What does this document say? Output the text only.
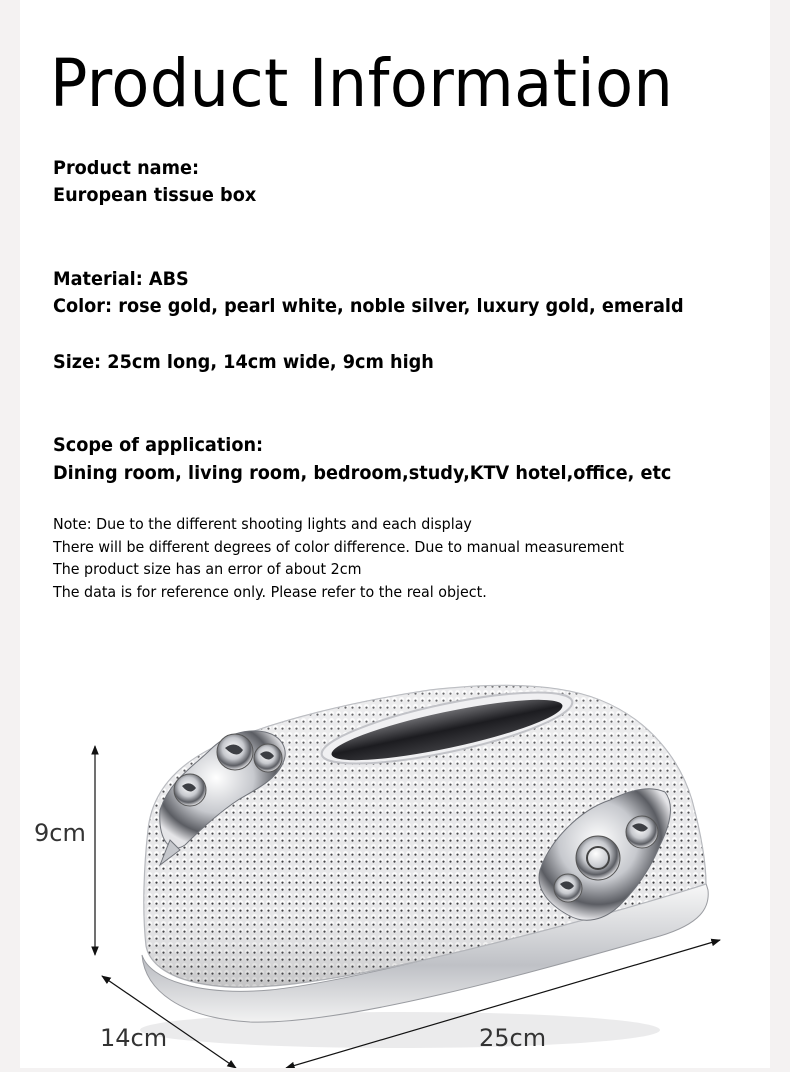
Product Information
Product name:
European tissue box
Material: ABS
Color: rose gold, pearl white, noble silver, luxury gold, emerald
Size: 25cm long, 14cm wide, 9cm high
Scope of application:
Dining room, living room, bedroom,study,KTV hotel,office, etc
Note: Due to the different shooting lights and each display
There will be different degrees of color difference. Due to manual measurement
The product size has an error of about 2cm
The data is for reference only. Please refer to the real object.
9cm
14cm	25cm
